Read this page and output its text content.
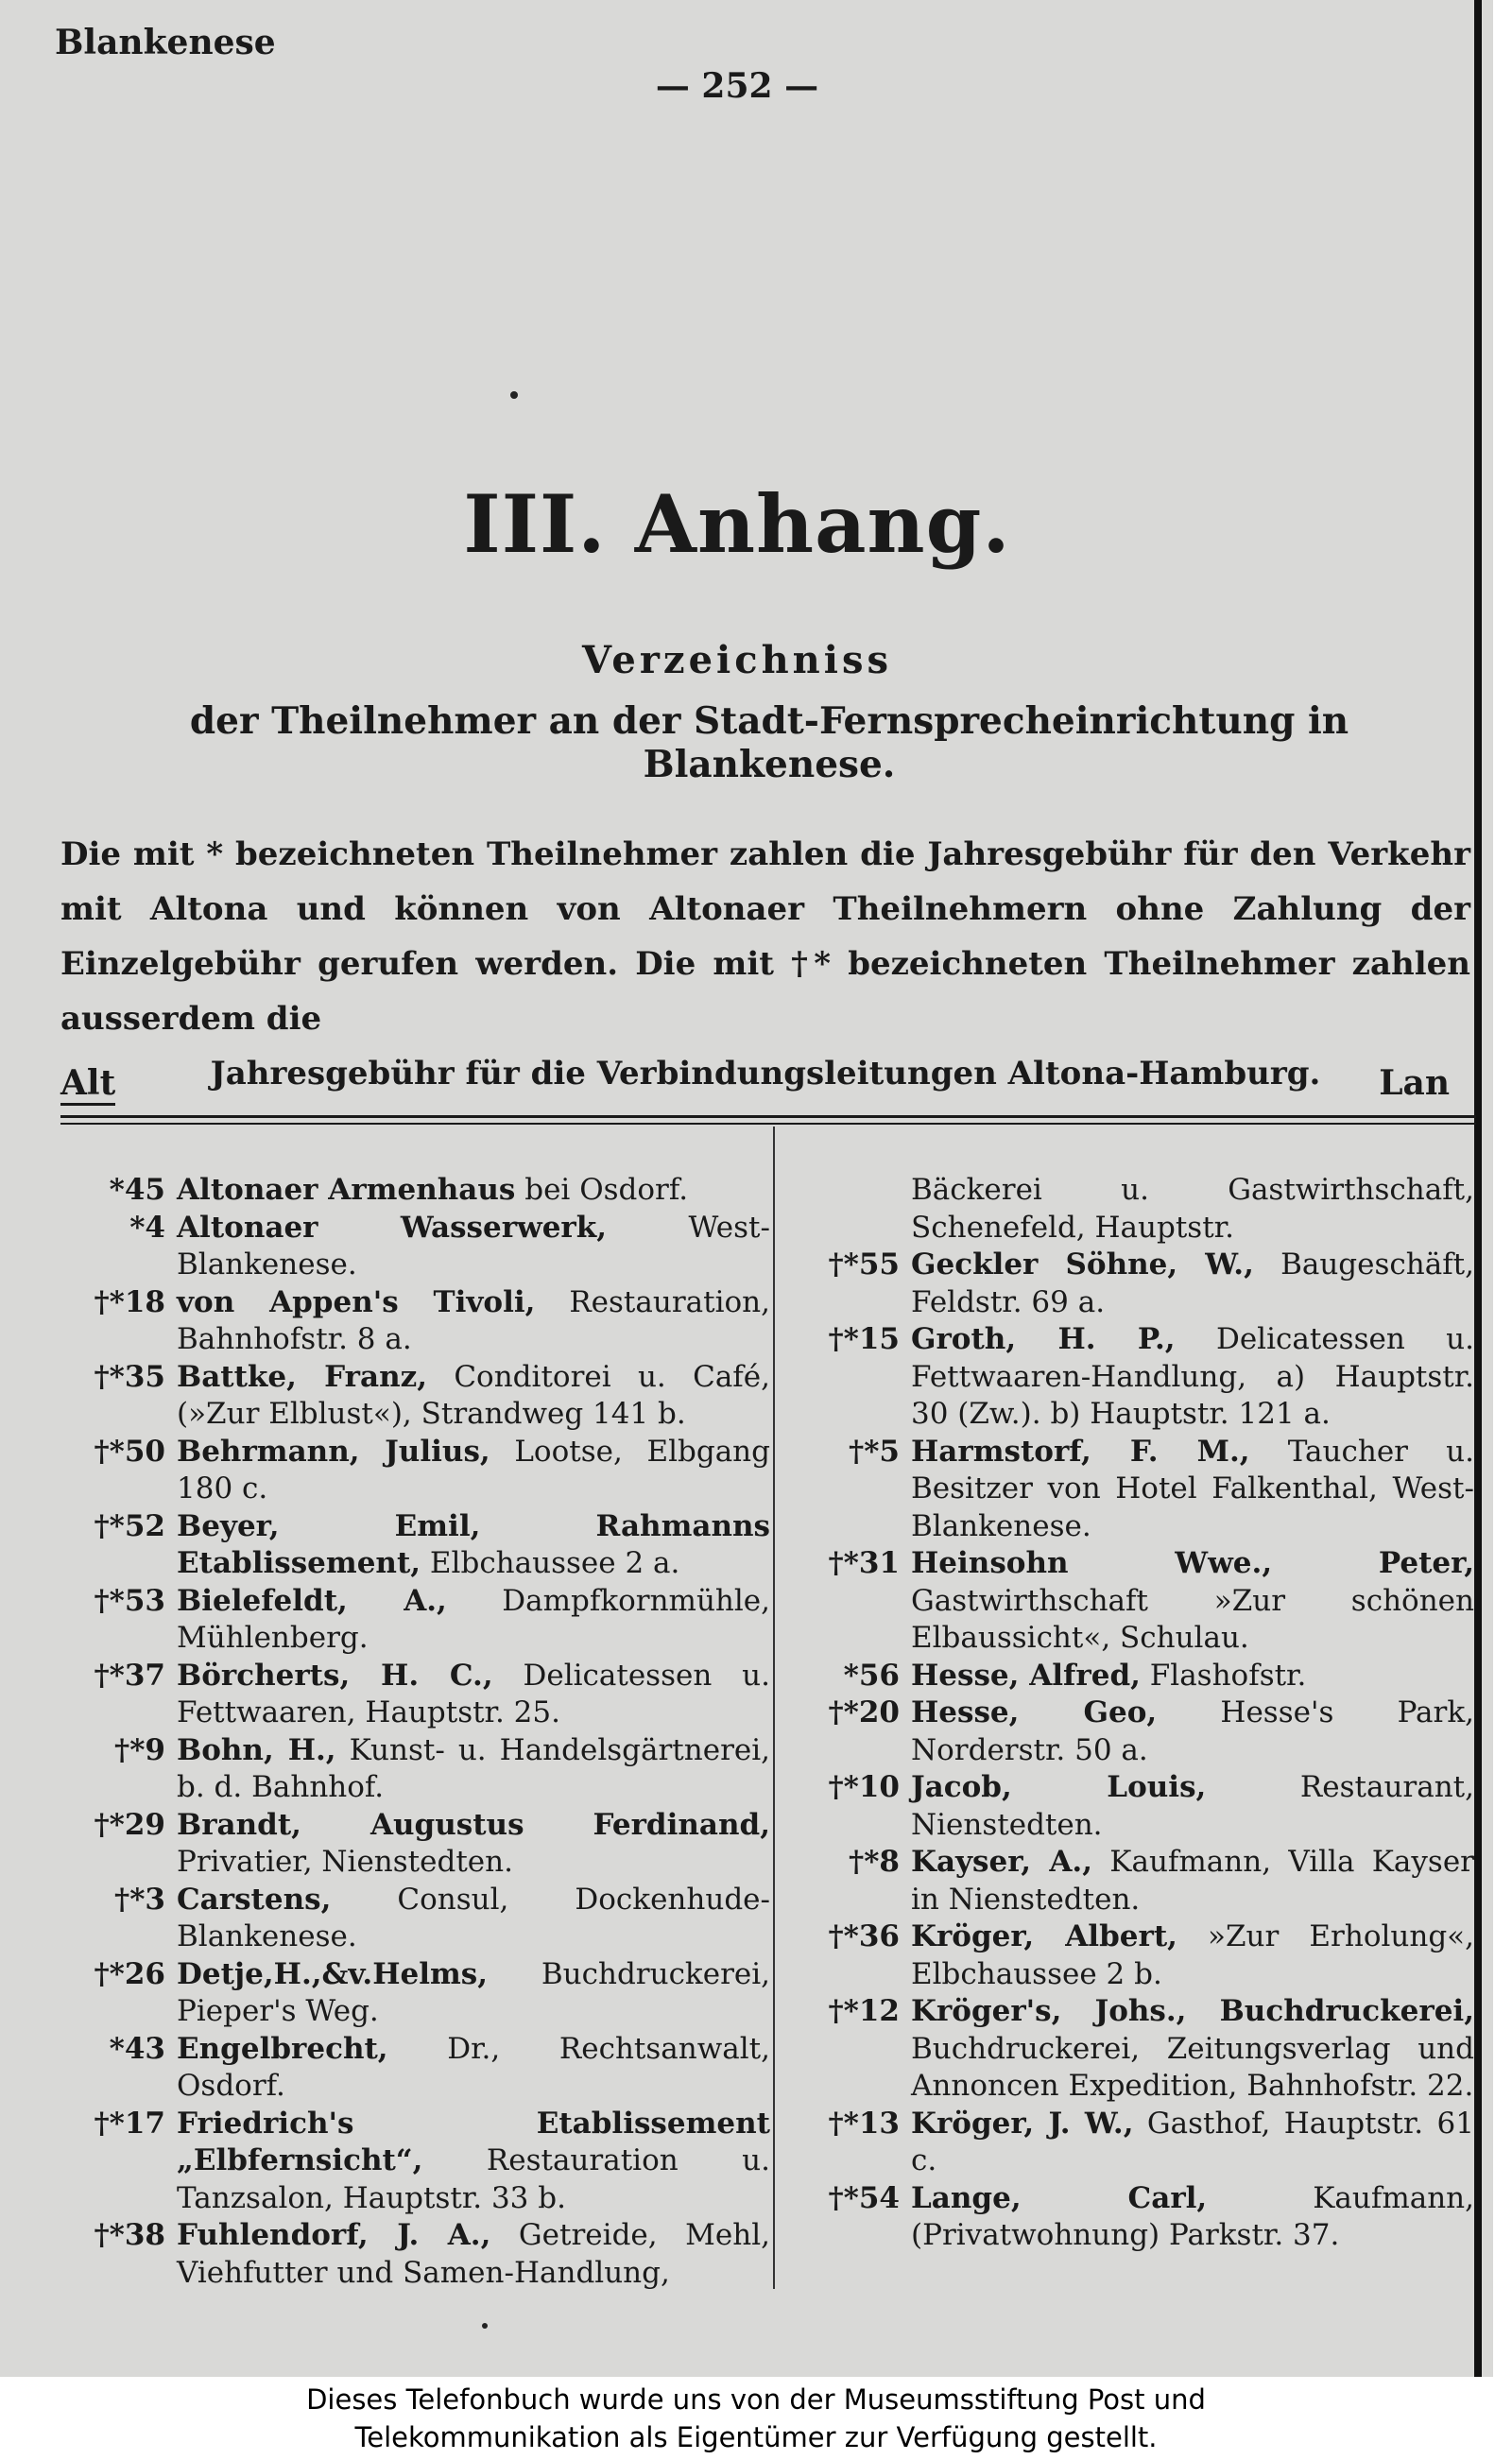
Blankenese
— 252 —
III. Anhang.
Verzeichniss
der Theilnehmer an der Stadt-Fernsprecheinrichtung in Blankenese.
Die mit * bezeichneten Theilnehmer zahlen die Jahresgebühr für den Verkehr mit Altona und können von Altonaer Theilnehmern ohne Zahlung der Einzelgebühr gerufen werden. Die mit †* bezeichneten Theilnehmer zahlen ausserdem die
Jahresgebühr für die Verbindungsleitungen Altona-Hamburg.
Alt	Lan
*45 Altonaer Armenhaus bei Osdorf.
*4 Altonaer Wasserwerk, West-Blankenese.
†*18 von Appen's Tivoli, Restauration, Bahnhofstr. 8 a.
†*35 Battke, Franz, Conditorei u. Café, (»Zur Elblust«), Strandweg 141 b.
†*50 Behrmann, Julius, Lootse, Elbgang 180 c.
†*52 Beyer, Emil, Rahmanns Etablissement, Elbchaussee 2 a.
†*53 Bielefeldt, A., Dampfkornmühle, Mühlenberg.
†*37 Börcherts, H. C., Delicatessen u. Fettwaaren, Hauptstr. 25.
†*9 Bohn, H., Kunst- u. Handelsgärtnerei, b. d. Bahnhof.
†*29 Brandt, Augustus Ferdinand, Privatier, Nienstedten.
†*3 Carstens, Consul, Dockenhude-Blankenese.
†*26 Detje,H.,&v.Helms, Buchdruckerei, Pieper's Weg.
*43 Engelbrecht, Dr., Rechtsanwalt, Osdorf.
†*17 Friedrich's Etablissement „Elbfernsicht“, Restauration u. Tanzsalon, Hauptstr. 33 b.
†*38 Fuhlendorf, J. A., Getreide, Mehl, Viehfutter und Samen-Handlung,
Bäckerei u. Gastwirthschaft, Schenefeld, Hauptstr.
†*55 Geckler Söhne, W., Baugeschäft, Feldstr. 69 a.
†*15 Groth, H. P., Delicatessen u. Fettwaaren-Handlung, a) Hauptstr. 30 (Zw.). b) Hauptstr. 121 a.
†*5 Harmstorf, F. M., Taucher u. Besitzer von Hotel Falkenthal, West-Blankenese.
†*31 Heinsohn Wwe., Peter, Gastwirthschaft »Zur schönen Elbaussicht«, Schulau.
*56 Hesse, Alfred, Flashofstr.
†*20 Hesse, Geo, Hesse's Park, Norderstr. 50 a.
†*10 Jacob, Louis, Restaurant, Nienstedten.
†*8 Kayser, A., Kaufmann, Villa Kayser in Nienstedten.
†*36 Kröger, Albert, »Zur Erholung«, Elbchaussee 2 b.
†*12 Kröger's, Johs., Buchdruckerei, Buchdruckerei, Zeitungsverlag und Annoncen Expedition, Bahnhofstr. 22.
†*13 Kröger, J. W., Gasthof, Hauptstr. 61 c.
†*54 Lange, Carl, Kaufmann, (Privatwohnung) Parkstr. 37.
Dieses Telefonbuch wurde uns von der Museumsstiftung Post und
Telekommunikation als Eigentümer zur Verfügung gestellt.
